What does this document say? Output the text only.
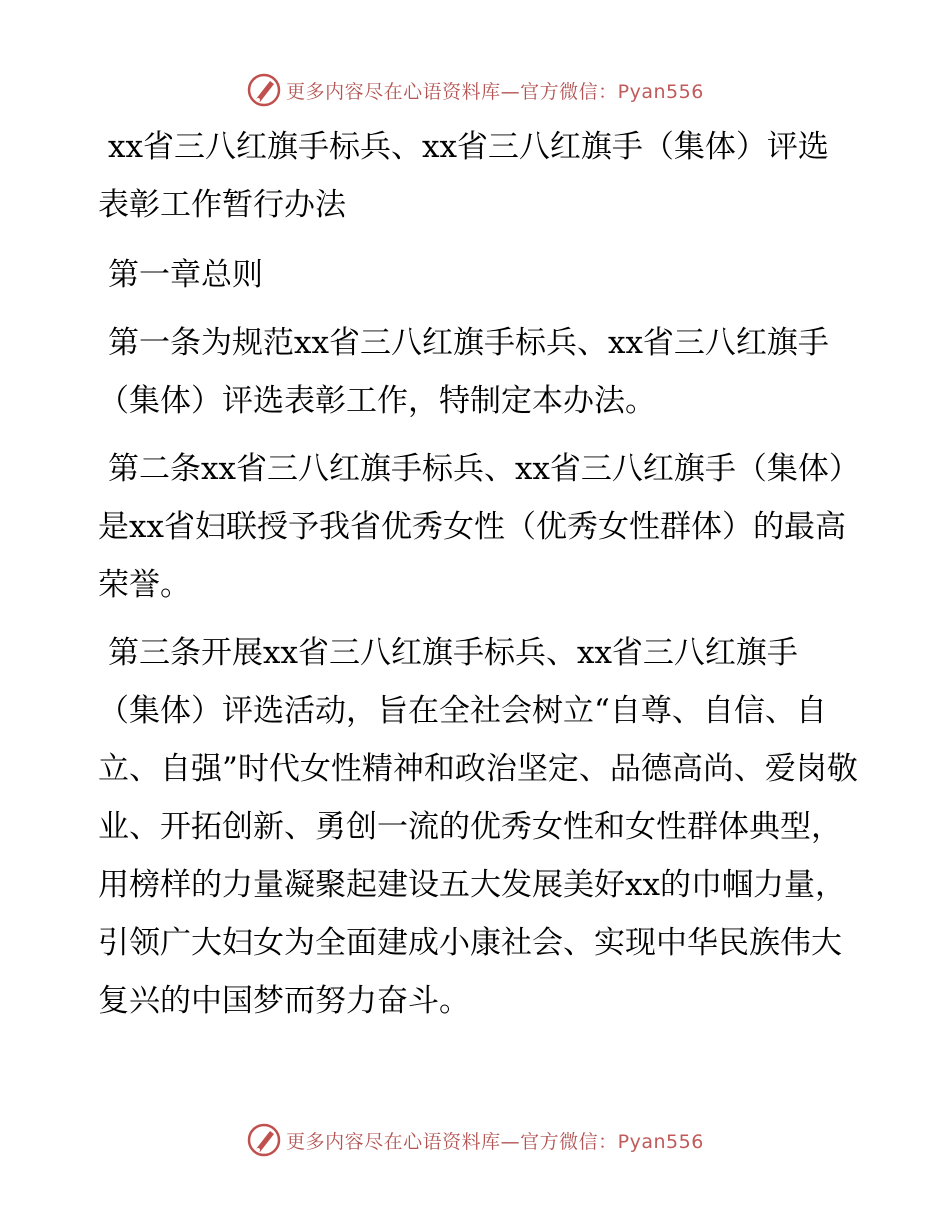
更多内容尽在心语资料库—官方微信：Pyan556
xx省三八红旗手标兵、xx省三八红旗手（集体）评选表彰工作暂行办法

第一章总则

第一条为规范xx省三八红旗手标兵、xx省三八红旗手（集体）评选表彰工作，特制定本办法。

第二条xx省三八红旗手标兵、xx省三八红旗手（集体）是xx省妇联授予我省优秀女性（优秀女性群体）的最高荣誉。

第三条开展xx省三八红旗手标兵、xx省三八红旗手（集体）评选活动，旨在全社会树立“自尊、自信、自立、自强”时代女性精神和政治坚定、品德高尚、爱岗敬业、开拓创新、勇创一流的优秀女性和女性群体典型，用榜样的力量凝聚起建设五大发展美好xx的巾帼力量，引领广大妇女为全面建成小康社会、实现中华民族伟大复兴的中国梦而努力奋斗。

更多内容尽在心语资料库—官方微信：Pyan556
